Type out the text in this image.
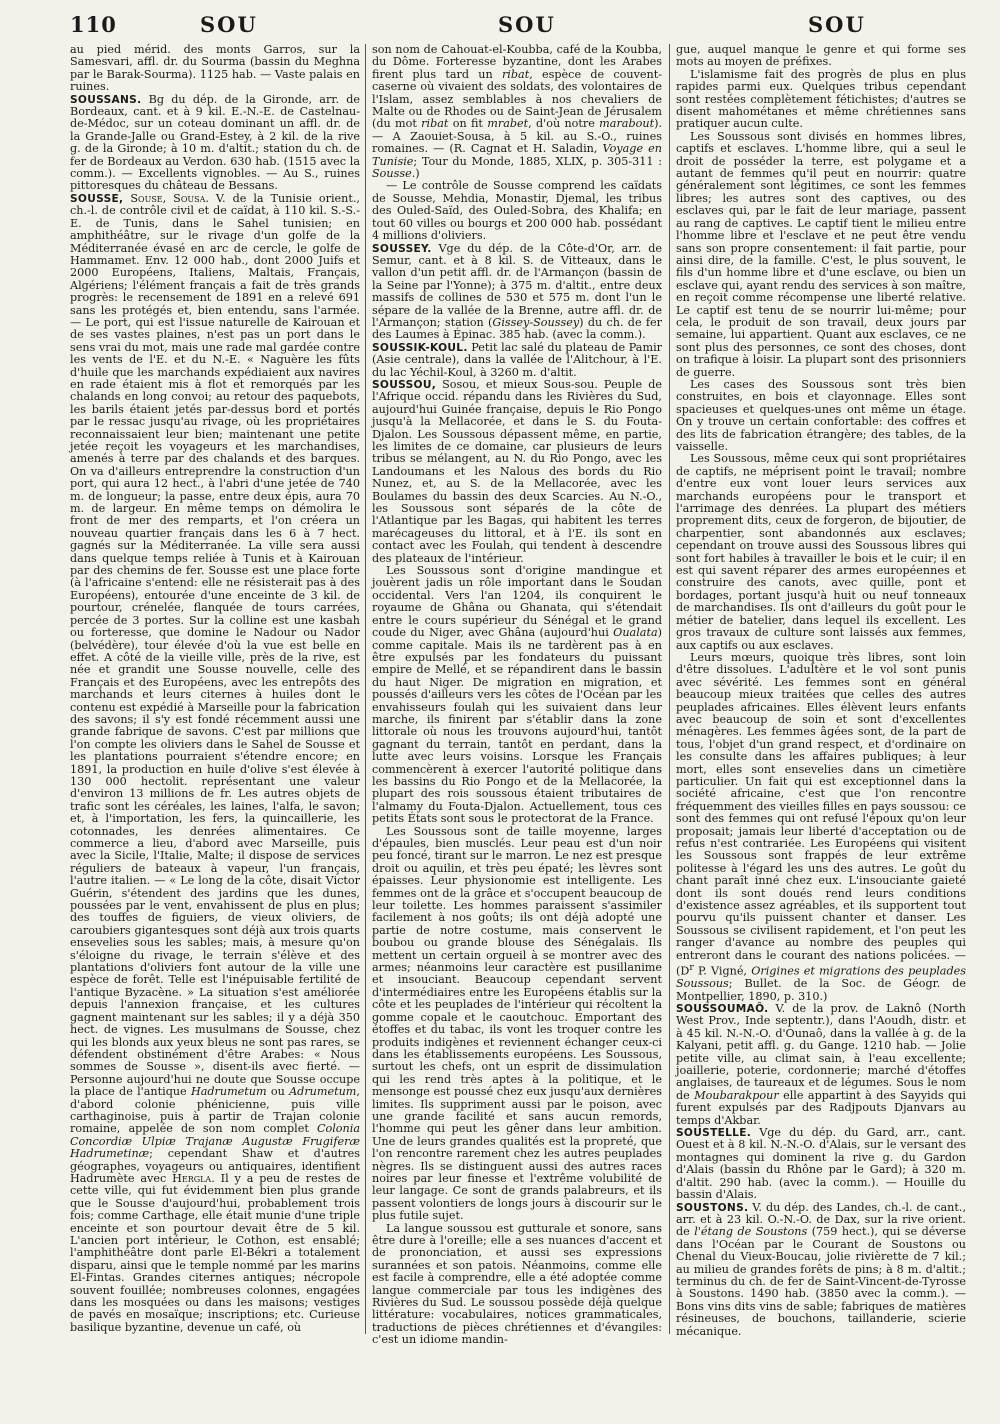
110	SOU	SOU	SOU

au pied mérid. des monts Garros, sur la Samesvari, affl. dr. du Sourma (bassin du Meghna par le Barak-Sourma). 1125 hab. — Vaste palais en ruines.

SOUSSANS. Bg du dép. de la Gironde, arr. de Bordeaux, cant. et à 9 kil. E.-N.-E. de Castelnau-de-Médoc, sur un coteau dominant un affl. dr. de la Grande-Jalle ou Grand-Estey, à 2 kil. de la rive g. de la Gironde; à 10 m. d'altit.; station du ch. de fer de Bordeaux au Verdon. 630 hab. (1515 avec la comm.). — Excellents vignobles. — Au S., ruines pittoresques du château de Bessans.

SOUSSE, Souse, Sousa. V. de la Tunisie orient., ch.-l. de contrôle civil et de caïdat, à 110 kil. S.-S.-E. de Tunis, dans le Sahel tunisien; en amphithéâtre, sur le rivage d'un golfe de la Méditerranée évasé en arc de cercle, le golfe de Hammamet. Env. 12 000 hab., dont 2000 Juifs et 2000 Européens, Italiens, Maltais, Français, Algériens; l'élément français a fait de très grands progrès: le recensement de 1891 en a relevé 691 sans les protégés et, bien entendu, sans l'armée. — Le port, qui est l'issue naturelle de Kairouan et de ses vastes plaines, n'est pas un port dans le sens vrai du mot, mais une rade mal gardée contre les vents de l'E. et du N.-E. « Naguère les fûts d'huile que les marchands expédiaient aux navires en rade étaient mis à flot et remorqués par les chalands en long convoi; au retour des paquebots, les barils étaient jetés par-dessus bord et portés par le ressac jusqu'au rivage, où les propriétaires reconnaissaient leur bien; maintenant une petite jetée reçoit les voyageurs et les marchandises, amenés à terre par des chalands et des barques. On va d'ailleurs entreprendre la construction d'un port, qui aura 12 hect., à l'abri d'une jetée de 740 m. de longueur; la passe, entre deux épis, aura 70 m. de largeur. En même temps on démolira le front de mer des remparts, et l'on créera un nouveau quartier français dans les 6 à 7 hect. gagnés sur la Méditerranée. La ville sera aussi dans quelque temps reliée à Tunis et à Kairouan par des chemins de fer. Sousse est une place forte (à l'africaine s'entend: elle ne résisterait pas à des Européens), entourée d'une enceinte de 3 kil. de pourtour, crénelée, flanquée de tours carrées, percée de 3 portes. Sur la colline est une kasbah ou forteresse, que domine le Nadour ou Nador (belvédère), tour élevée d'où la vue est belle en effet. A côté de la vieille ville, près de la rive, est née et grandit une Sousse nouvelle, celle des Français et des Européens, avec les entrepôts des marchands et leurs citernes à huiles dont le contenu est expédié à Marseille pour la fabrication des savons; il s'y est fondé récemment aussi une grande fabrique de savons. C'est par millions que l'on compte les oliviers dans le Sahel de Sousse et les plantations pourraient s'étendre encore; en 1891, la production en huile d'olive s'est élevée à 130 000 hectolit. représentant une valeur d'environ 13 millions de fr. Les autres objets de trafic sont les céréales, les laines, l'alfa, le savon; et, à l'importation, les fers, la quincaillerie, les cotonnades, les denrées alimentaires. Ce commerce a lieu, d'abord avec Marseille, puis avec la Sicile, l'Italie, Malte; il dispose de services réguliers de bateaux à vapeur, l'un français, l'autre italien. — « Le long de la côte, disait Victor Guérin, s'étendent des jardins que les dunes, poussées par le vent, envahissent de plus en plus; des touffes de figuiers, de vieux oliviers, de caroubiers gigantesques sont déjà aux trois quarts ensevelies sous les sables; mais, à mesure qu'on s'éloigne du rivage, le terrain s'élève et des plantations d'oliviers font autour de la ville une espèce de forêt. Telle est l'inépuisable fertilité de l'antique Byzacène. » La situation s'est améliorée depuis l'annexion française, et les cultures gagnent maintenant sur les sables; il y a déjà 350 hect. de vignes. Les musulmans de Sousse, chez qui les blonds aux yeux bleus ne sont pas rares, se défendent obstinément d'être Arabes: « Nous sommes de Sousse », disent-ils avec fierté. — Personne aujourd'hui ne doute que Sousse occupe la place de l'antique Hadrumetum ou Adrumetum, d'abord colonie phénicienne, puis ville carthaginoise, puis à partir de Trajan colonie romaine, appelée de son nom complet Colonia Concordiæ Ulpiæ Trajanæ Augustæ Frugiferæ Hadrumetinæ; cependant Shaw et d'autres géographes, voyageurs ou antiquaires, identifient Hadrumète avec Hergla. Il y a peu de restes de cette ville, qui fut évidemment bien plus grande que le Sousse d'aujourd'hui, probablement trois fois; comme Carthage, elle était munie d'une triple enceinte et son pourtour devait être de 5 kil. L'ancien port intérieur, le Cothon, est ensablé; l'amphithéâtre dont parle El-Békri a totalement disparu, ainsi que le temple nommé par les marins El-Fintas. Grandes citernes antiques; nécropole souvent fouillée; nombreuses colonnes, engagées dans les mosquées ou dans les maisons; vestiges de pavés en mosaïque; inscriptions; etc. Curieuse basilique byzantine, devenue un café, où

son nom de Cahouat-el-Koubba, café de la Koubba, du Dôme. Forteresse byzantine, dont les Arabes firent plus tard un ribat, espèce de couvent-caserne où vivaient des soldats, des volontaires de l'Islam, assez semblables à nos chevaliers de Malte ou de Rhodes ou de Saint-Jean de Jérusalem (du mot ribat on fit mrabet, d'où notre marabout). — A Zaouiet-Sousa, à 5 kil. au S.-O., ruines romaines. — (R. Cagnat et H. Saladin, Voyage en Tunisie; Tour du Monde, 1885, XLIX, p. 305-311 : Sousse.)

— Le contrôle de Sousse comprend les caïdats de Sousse, Mehdia, Monastir, Djemal, les tribus des Ouled-Saïd, des Ouled-Sobra, des Khalifa; en tout 60 villes ou bourgs et 200 000 hab. possédant 4 millions d'oliviers.

SOUSSEY. Vge du dép. de la Côte-d'Or, arr. de Semur, cant. et à 8 kil. S. de Vitteaux, dans le vallon d'un petit affl. dr. de l'Armançon (bassin de la Seine par l'Yonne); à 375 m. d'altit., entre deux massifs de collines de 530 et 575 m. dont l'un le sépare de la vallée de la Brenne, autre affl. dr. de l'Armançon; station (Gissey-Soussey) du ch. de fer des Laumes à Épinac. 385 hab. (avec la comm.).

SOUSSIK-KOUL. Petit lac salé du plateau de Pamir (Asie centrale), dans la vallée de l'Alitchour, à l'E. du lac Yéchil-Koul, à 3260 m. d'altit.

SOUSSOU, Sosou, et mieux Sous-sou. Peuple de l'Afrique occid. répandu dans les Rivières du Sud, aujourd'hui Guinée française, depuis le Rio Pongo jusqu'à la Mellacorée, et dans le S. du Fouta-Djalon. Les Soussous dépassent même, en partie, les limites de ce domaine, car plusieurs de leurs tribus se mélangent, au N. du Rio Pongo, avec les Landoumans et les Nalous des bords du Rio Nunez, et, au S. de la Mellacorée, avec les Boulames du bassin des deux Scarcies. Au N.-O., les Soussous sont séparés de la côte de l'Atlantique par les Bagas, qui habitent les terres marécageuses du littoral, et à l'E. ils sont en contact avec les Foulah, qui tendent à descendre des plateaux de l'intérieur.

Les Soussous sont d'origine mandingue et jouèrent jadis un rôle important dans le Soudan occidental. Vers l'an 1204, ils conquirent le royaume de Ghâna ou Ghanata, qui s'étendait entre le cours supérieur du Sénégal et le grand coude du Niger, avec Ghâna (aujourd'hui Oualata) comme capitale. Mais ils ne tardèrent pas à en être expulsés par les fondateurs du puissant empire de Mellé, et se répandirent dans le bassin du haut Niger. De migration en migration, et poussés d'ailleurs vers les côtes de l'Océan par les envahisseurs foulah qui les suivaient dans leur marche, ils finirent par s'établir dans la zone littorale où nous les trouvons aujourd'hui, tantôt gagnant du terrain, tantôt en perdant, dans la lutte avec leurs voisins. Lorsque les Français commencèrent à exercer l'autorité politique dans les bassins du Rio Pongo et de la Mellacorée, la plupart des rois soussous étaient tributaires de l'almamy du Fouta-Djalon. Actuellement, tous ces petits États sont sous le protectorat de la France.

Les Soussous sont de taille moyenne, larges d'épaules, bien musclés. Leur peau est d'un noir peu foncé, tirant sur le marron. Le nez est presque droit ou aquilin, et très peu épaté; les lèvres sont épaisses. Leur physionomie est intelligente. Les femmes ont de la grâce et s'occupent beaucoup de leur toilette. Les hommes paraissent s'assimiler facilement à nos goûts; ils ont déjà adopté une partie de notre costume, mais conservent le boubou ou grande blouse des Sénégalais. Ils mettent un certain orgueil à se montrer avec des armes; néanmoins leur caractère est pusillanime et insouciant. Beaucoup cependant servent d'intermédiaires entre les Européens établis sur la côte et les peuplades de l'intérieur qui récoltent la gomme copale et le caoutchouc. Emportant des étoffes et du tabac, ils vont les troquer contre les produits indigènes et reviennent échanger ceux-ci dans les établissements européens. Les Soussous, surtout les chefs, ont un esprit de dissimulation qui les rend très aptes à la politique, et le mensonge est poussé chez eux jusqu'aux dernières limites. Ils suppriment aussi par le poison, avec une grande facilité et sans aucun remords, l'homme qui peut les gêner dans leur ambition. Une de leurs grandes qualités est la propreté, que l'on rencontre rarement chez les autres peuplades nègres. Ils se distinguent aussi des autres races noires par leur finesse et l'extrême volubilité de leur langage. Ce sont de grands palabreurs, et ils passent volontiers de longs jours à discourir sur le plus futile sujet.

La langue soussou est gutturale et sonore, sans être dure à l'oreille; elle a ses nuances d'accent et de prononciation, et aussi ses expressions surannées et son patois. Néanmoins, comme elle est facile à comprendre, elle a été adoptée comme langue commerciale par tous les indigènes des Rivières du Sud. Le soussou possède déjà quelque littérature: vocabulaires, notices grammaticales, traductions de pièces chrétiennes et d'évangiles: c'est un idiome mandin-

gue, auquel manque le genre et qui forme ses mots au moyen de préfixes.

L'islamisme fait des progrès de plus en plus rapides parmi eux. Quelques tribus cependant sont restées complètement fétichistes; d'autres se disent mahométanes et même chrétiennes sans pratiquer aucun culte.

Les Soussous sont divisés en hommes libres, captifs et esclaves. L'homme libre, qui a seul le droit de posséder la terre, est polygame et a autant de femmes qu'il peut en nourrir: quatre généralement sont légitimes, ce sont les femmes libres; les autres sont des captives, ou des esclaves qui, par le fait de leur mariage, passent au rang de captives. Le captif tient le milieu entre l'homme libre et l'esclave et ne peut être vendu sans son propre consentement: il fait partie, pour ainsi dire, de la famille. C'est, le plus souvent, le fils d'un homme libre et d'une esclave, ou bien un esclave qui, ayant rendu des services à son maître, en reçoit comme récompense une liberté relative. Le captif est tenu de se nourrir lui-même; pour cela, le produit de son travail, deux jours par semaine, lui appartient. Quant aux esclaves, ce ne sont plus des personnes, ce sont des choses, dont on trafique à loisir. La plupart sont des prisonniers de guerre.

Les cases des Soussous sont très bien construites, en bois et clayonnage. Elles sont spacieuses et quelques-unes ont même un étage. On y trouve un certain confortable: des coffres et des lits de fabrication étrangère; des tables, de la vaisselle.

Les Soussous, même ceux qui sont propriétaires de captifs, ne méprisent point le travail; nombre d'entre eux vont louer leurs services aux marchands européens pour le transport et l'arrimage des denrées. La plupart des métiers proprement dits, ceux de forgeron, de bijoutier, de charpentier, sont abandonnés aux esclaves; cependant on trouve aussi des Soussous libres qui sont fort habiles à travailler le bois et le cuir; il en est qui savent réparer des armes européennes et construire des canots, avec quille, pont et bordages, portant jusqu'à huit ou neuf tonneaux de marchandises. Ils ont d'ailleurs du goût pour le métier de batelier, dans lequel ils excellent. Les gros travaux de culture sont laissés aux femmes, aux captifs ou aux esclaves.

Leurs mœurs, quoique très libres, sont loin d'être dissolues. L'adultère et le vol sont punis avec sévérité. Les femmes sont en général beaucoup mieux traitées que celles des autres peuplades africaines. Elles élèvent leurs enfants avec beaucoup de soin et sont d'excellentes ménagères. Les femmes âgées sont, de la part de tous, l'objet d'un grand respect, et d'ordinaire on les consulte dans les affaires publiques; à leur mort, elles sont ensevelies dans un cimetière particulier. Un fait qui est exceptionnel dans la société africaine, c'est que l'on rencontre fréquemment des vieilles filles en pays soussou: ce sont des femmes qui ont refusé l'époux qu'on leur proposait; jamais leur liberté d'acceptation ou de refus n'est contrariée. Les Européens qui visitent les Soussous sont frappés de leur extrême politesse à l'égard les uns des autres. Le goût du chant paraît inné chez eux. L'insouciante gaieté dont ils sont doués rend leurs conditions d'existence assez agréables, et ils supportent tout pourvu qu'ils puissent chanter et danser. Les Soussous se civilisent rapidement, et l'on peut les ranger d'avance au nombre des peuples qui entreront dans le courant des nations policées. — ($D^r$ P. Vigné, Origines et migrations des peuplades Soussous; Bullet. de la Soc. de Géogr. de Montpellier, 1890, p. 310.)

SOUSSOUMAÔ. V. de la prov. de Laknô (North West Prov., Inde septentr.), dans l'Aoudh, distr. et à 45 kil. N.-N.-O. d'Ounaô, dans la vallée à g. de la Kalyani, petit affl. g. du Gange. 1210 hab. — Jolie petite ville, au climat sain, à l'eau excellente; joaillerie, poterie, cordonnerie; marché d'étoffes anglaises, de taureaux et de légumes. Sous le nom de Moubarakpour elle appartint à des Sayyids qui furent expulsés par des Radjpouts Djanvars au temps d'Akbar.

SOUSTELLE. Vge du dép. du Gard, arr., cant. Ouest et à 8 kil. N.-N.-O. d'Alais, sur le versant des montagnes qui dominent la rive g. du Gardon d'Alais (bassin du Rhône par le Gard); à 320 m. d'altit. 290 hab. (avec la comm.). — Houille du bassin d'Alais.

SOUSTONS. V. du dép. des Landes, ch.-l. de cant., arr. et à 23 kil. O.-N.-O. de Dax, sur la rive orient. de l'étang de Soustons (759 hect.), qui se déverse dans l'Océan par le Courant de Soustons ou Chenal du Vieux-Boucau, jolie rivièrette de 7 kil.; au milieu de grandes forêts de pins; à 8 m. d'altit.; terminus du ch. de fer de Saint-Vincent-de-Tyrosse à Soustons. 1490 hab. (3850 avec la comm.). — Bons vins dits vins de sable; fabriques de matières résineuses, de bouchons, taillanderie, scierie mécanique.
